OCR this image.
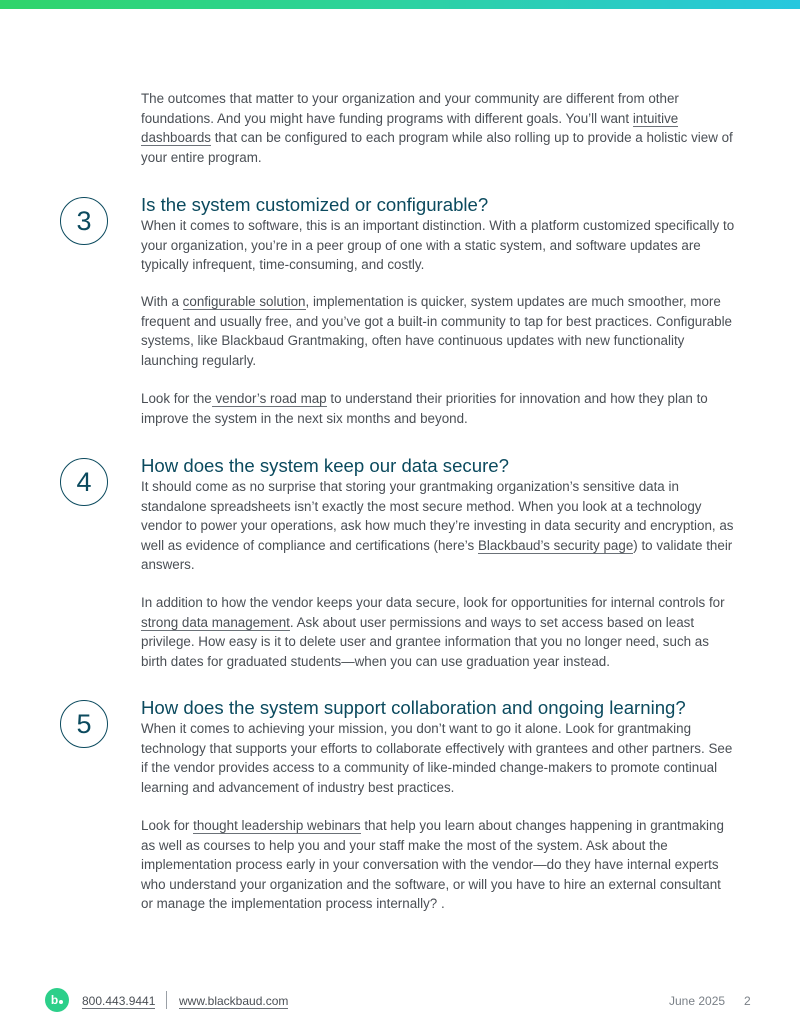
The outcomes that matter to your organization and your community are different from other foundations. And you might have funding programs with different goals. You’ll want intuitive dashboards that can be configured to each program while also rolling up to provide a holistic view of your entire program.

3
Is the system customized or configurable?

When it comes to software, this is an important distinction. With a platform customized specifically to your organization, you’re in a peer group of one with a static system, and software updates are typically infrequent, time-consuming, and costly.

With a configurable solution, implementation is quicker, system updates are much smoother, more frequent and usually free, and you’ve got a built-in community to tap for best practices. Configurable systems, like Blackbaud Grantmaking, often have continuous updates with new functionality launching regularly.

Look for the vendor’s road map to understand their priorities for innovation and how they plan to improve the system in the next six months and beyond.

4
How does the system keep our data secure?

It should come as no surprise that storing your grantmaking organization’s sensitive data in standalone spreadsheets isn’t exactly the most secure method. When you look at a technology vendor to power your operations, ask how much they’re investing in data security and encryption, as well as evidence of compliance and certifications (here’s Blackbaud’s security page) to validate their answers.

In addition to how the vendor keeps your data secure, look for opportunities for internal controls for strong data management. Ask about user permissions and ways to set access based on least privilege. How easy is it to delete user and grantee information that you no longer need, such as birth dates for graduated students—when you can use graduation year instead.

5
How does the system support collaboration and ongoing learning?

When it comes to achieving your mission, you don’t want to go it alone. Look for grantmaking technology that supports your efforts to collaborate effectively with grantees and other partners. See if the vendor provides access to a community of like-minded change-makers to promote continual learning and advancement of industry best practices.

Look for thought leadership webinars that help you learn about changes happening in grantmaking as well as courses to help you and your staff make the most of the system. Ask about the implementation process early in your conversation with the vendor—do they have internal experts who understand your organization and the software, or will you have to hire an external consultant or manage the implementation process internally? .

b 800.443.9441 www.blackbaud.com	June 2025 2
